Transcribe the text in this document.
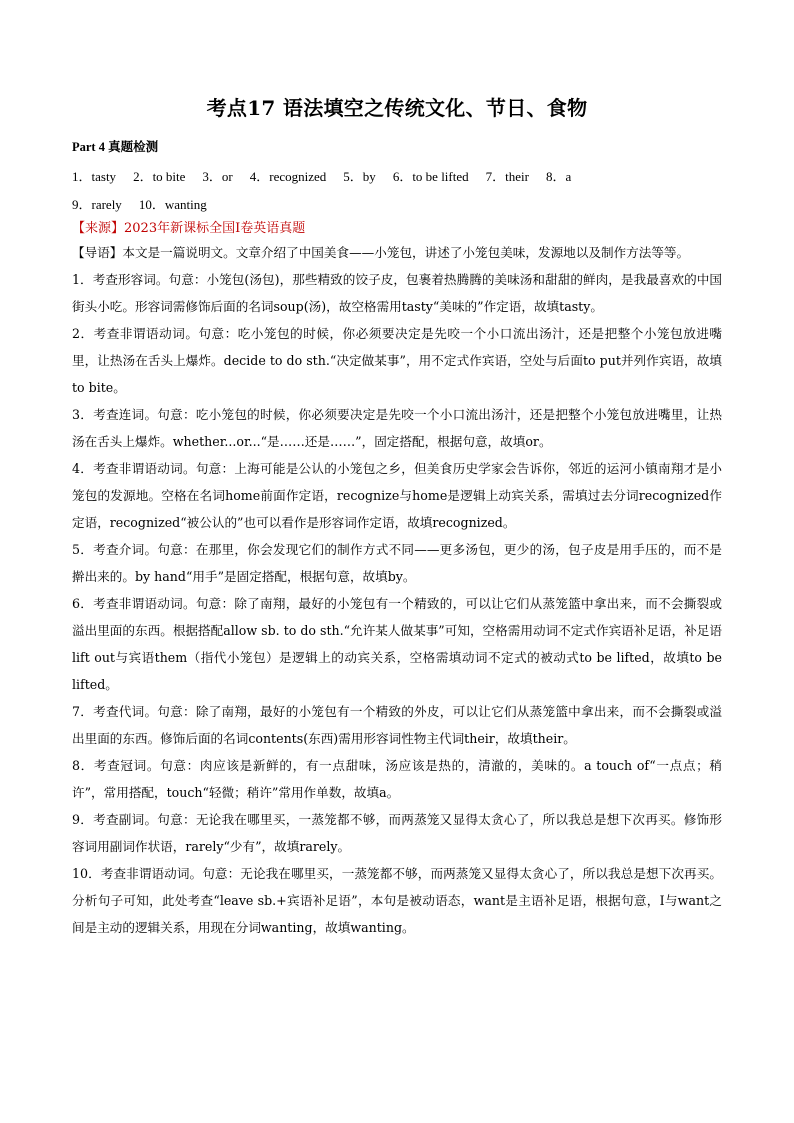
考点17 语法填空之传统文化、节日、食物
Part 4 真题检测
1．tasty 2．to bite 3．or 4．recognized 5．by 6．to be lifted 7．their 8．a
9．rarely 10．wanting
【来源】2023年新课标全国Ⅰ卷英语真题
【导语】本文是一篇说明文。文章介绍了中国美食——小笼包，讲述了小笼包美味，发源地以及制作方法等等。

1．考查形容词。句意：小笼包(汤包)，那些精致的饺子皮，包裹着热腾腾的美味汤和甜甜的鲜肉，是我最喜欢的中国街头小吃。形容词需修饰后面的名词soup(汤)，故空格需用tasty“美味的”作定语，故填tasty。

2．考查非谓语动词。句意：吃小笼包的时候，你必须要决定是先咬一个小口流出汤汁，还是把整个小笼包放进嘴里，让热汤在舌头上爆炸。decide to do sth.“决定做某事”，用不定式作宾语，空处与后面to put并列作宾语，故填to bite。

3．考查连词。句意：吃小笼包的时候，你必须要决定是先咬一个小口流出汤汁，还是把整个小笼包放进嘴里，让热汤在舌头上爆炸。whether...or...“是……还是……”，固定搭配，根据句意，故填or。

4．考查非谓语动词。句意：上海可能是公认的小笼包之乡，但美食历史学家会告诉你，邻近的运河小镇南翔才是小笼包的发源地。空格在名词home前面作定语，recognize与home是逻辑上动宾关系，需填过去分词recognized作定语，recognized“被公认的”也可以看作是形容词作定语，故填recognized。

5．考查介词。句意：在那里，你会发现它们的制作方式不同——更多汤包，更少的汤，包子皮是用手压的，而不是擀出来的。by hand“用手”是固定搭配，根据句意，故填by。

6．考查非谓语动词。句意：除了南翔，最好的小笼包有一个精致的，可以让它们从蒸笼篮中拿出来，而不会撕裂或溢出里面的东西。根据搭配allow sb. to do sth.“允许某人做某事”可知，空格需用动词不定式作宾语补足语，补足语lift out与宾语them（指代小笼包）是逻辑上的动宾关系，空格需填动词不定式的被动式to be lifted，故填to be lifted。

7．考查代词。句意：除了南翔，最好的小笼包有一个精致的外皮，可以让它们从蒸笼篮中拿出来，而不会撕裂或溢出里面的东西。修饰后面的名词contents(东西)需用形容词性物主代词their，故填their。

8．考查冠词。句意：肉应该是新鲜的，有一点甜味，汤应该是热的，清澈的，美味的。a touch of“一点点；稍许”，常用搭配，touch“轻微；稍许”常用作单数，故填a。

9．考查副词。句意：无论我在哪里买，一蒸笼都不够，而两蒸笼又显得太贪心了，所以我总是想下次再买。修饰形容词用副词作状语，rarely“少有”，故填rarely。

10．考查非谓语动词。句意：无论我在哪里买，一蒸笼都不够，而两蒸笼又显得太贪心了，所以我总是想下次再买。分析句子可知，此处考查“leave sb.+宾语补足语”，本句是被动语态，want是主语补足语，根据句意，I与want之间是主动的逻辑关系，用现在分词wanting，故填wanting。
